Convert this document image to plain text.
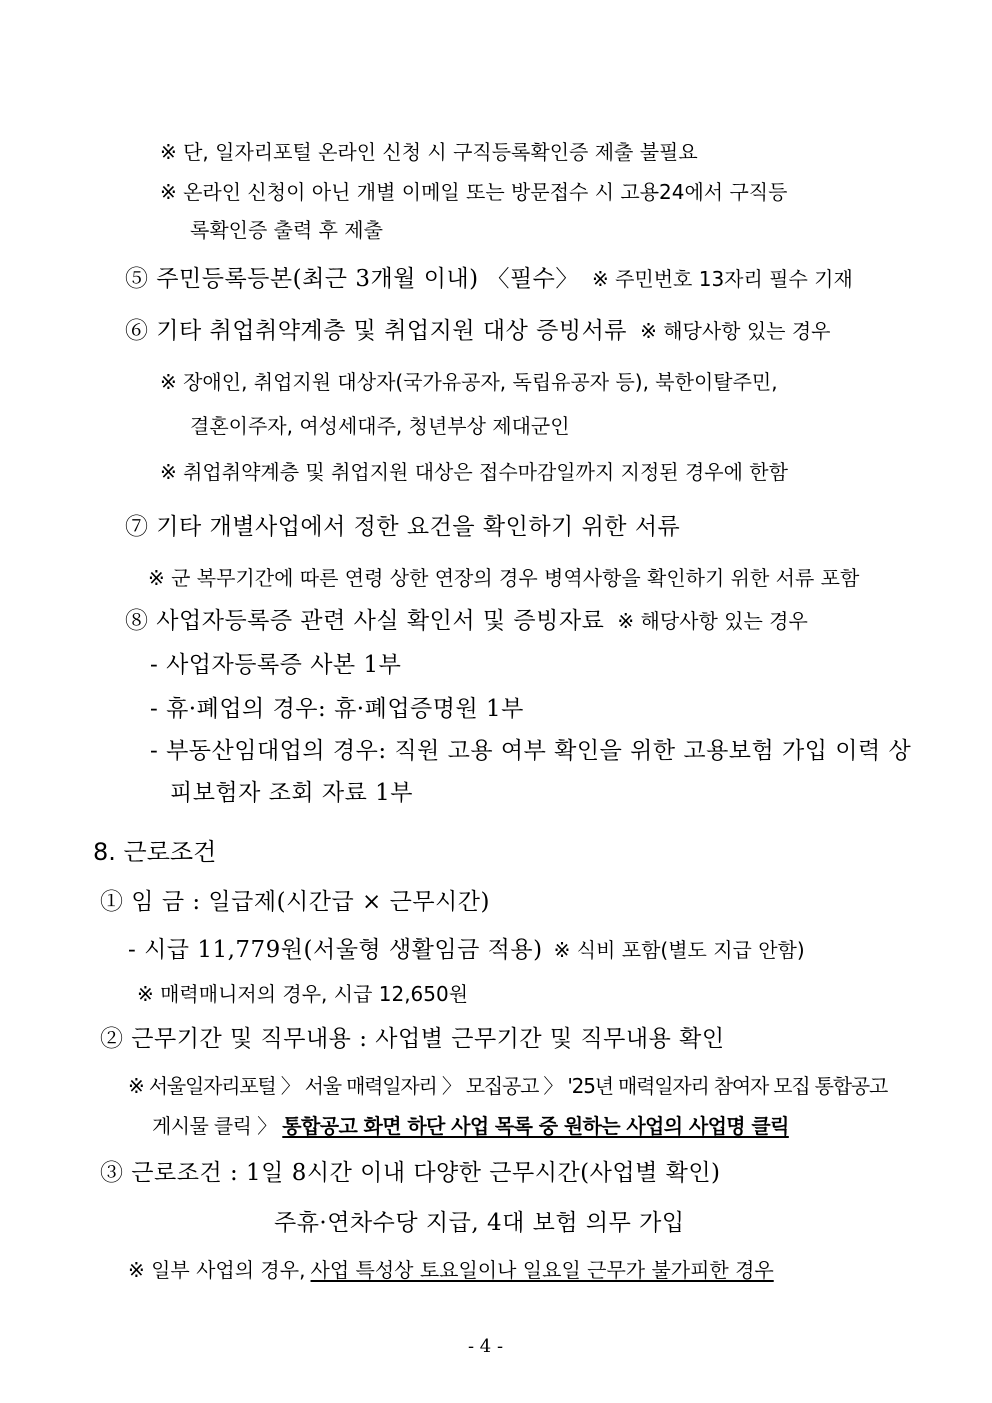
※ 단, 일자리포털 온라인 신청 시 구직등록확인증 제출 불필요
※ 온라인 신청이 아닌 개별 이메일 또는 방문접수 시 고용24에서 구직등
록확인증 출력 후 제출
⑤ 주민등록등본(최근 3개월 이내) 〈필수〉 ※ 주민번호 13자리 필수 기재
⑥ 기타 취업취약계층 및 취업지원 대상 증빙서류 ※ 해당사항 있는 경우
※ 장애인, 취업지원 대상자(국가유공자, 독립유공자 등), 북한이탈주민,
결혼이주자, 여성세대주, 청년부상 제대군인
※ 취업취약계층 및 취업지원 대상은 접수마감일까지 지정된 경우에 한함
⑦ 기타 개별사업에서 정한 요건을 확인하기 위한 서류
※ 군 복무기간에 따른 연령 상한 연장의 경우 병역사항을 확인하기 위한 서류 포함
⑧ 사업자등록증 관련 사실 확인서 및 증빙자료 ※ 해당사항 있는 경우
- 사업자등록증 사본 1부
- 휴·폐업의 경우: 휴·폐업증명원 1부
- 부동산임대업의 경우: 직원 고용 여부 확인을 위한 고용보험 가입 이력 상
피보험자 조회 자료 1부
8. 근로조건
① 임 금 : 일급제(시간급 × 근무시간)
- 시급 11,779원(서울형 생활임금 적용) ※ 식비 포함(별도 지급 안함)
※ 매력매니저의 경우, 시급 12,650원
② 근무기간 및 직무내용 : 사업별 근무기간 및 직무내용 확인
※ 서울일자리포털 〉 서울 매력일자리 〉 모집공고 〉 '25년 매력일자리 참여자 모집 통합공고
게시물 클릭 〉 통합공고 화면 하단 사업 목록 중 원하는 사업의 사업명 클릭
③ 근로조건 : 1일 8시간 이내 다양한 근무시간(사업별 확인)
주휴·연차수당 지급, 4대 보험 의무 가입
※ 일부 사업의 경우, 사업 특성상 토요일이나 일요일 근무가 불가피한 경우
- 4 -
